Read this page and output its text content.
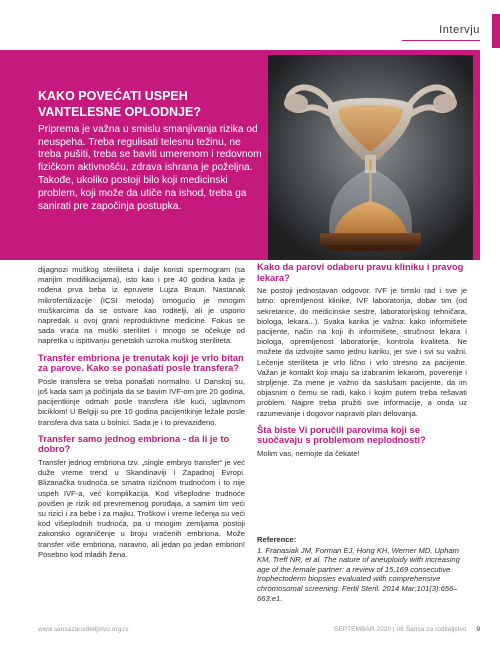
Intervju
KAKO POVEĆATI USPEH
VANTELESNE OPLODNJE?

Priprema je važna u smislu smanjivanja rizika od neuspeha. Treba regulisati telesnu težinu, ne treba pušiti, treba se baviti umerenom i redovnom fizičkom aktivnošću, zdrava ishrana je poželjna.

Takođe, ukoliko postoji bilo koji medicinski problem, koji može da utiče na ishod, treba ga sanirati pre započinja postupka.

dijagnozi muškog steriliteta i dalje koristi spermogram (sa manjim modifikacijama), isto kao i pre 40 godina kada je rođena prva beba iz epruvete Lujza Braun. Nastanak mikrofertilizacije (ICSI metoda) omogućio je mnogim muškarcima da se ostvare kao roditelji, ali je usporio napredak u ovoj grani reproduktivne medicine. Fokus se sada vraća na muški sterilitet i mnogo se očekuje od napretka u ispitivanju genetskih uzroka muškog steriliteta.

Transfer embriona je trenutak koji je vrlo bitan za parove. Kako se ponašati posle transfera?

Posle transfera se treba ponašati normalno. U Danskoj su, još kada sam ja počinjala da se bavim IVF-om pre 20 godina, pacijentkinje odmah posle transfera išle kući, uglavnom biciklom! U Belgiji su pre 10 godina pacijentkinje ležale posle transfera dva sata u bolnici. Sada je i to prevaziđeno.

Transfer samo jednog embriona - da li je to dobro?

Transfer jednog embriona tzv. „single embryo transfer“ je već duže vreme trend u Skandinaviji i Zapadnoj Evropi. Blizanačka trudnoća se smatra rizičnom trudnoćom i to nije uspeh IVF-a, već komplikacija. Kod višeplodne trudnoće povišen je rizik od prevremenog porođaja, a samim tim veći su rizici i za bebe i za majku. Troškovi i vreme lečenja su veći kod višeplodnih trudnoća, pa u mnogim zemljama postoji zakonsko ograničenje u broju vraćenih embriona. Može transfer više embriona, naravno, ali jedan po jedan embrion! Posebno kod mladih žena.

Kako da parovi odaberu pravu kliniku i pravog lekara?

Ne postoji jednostavan odgovor. IVF je timski rad i sve je bitno: opremljenost klinike, IVF laboratorija, dobar tim (od sekretarice, do medicinske sestre, laboratorijskog tehničara, biologa, lekara...). Svaka karika je važna: kako informišete pacijente, način na koji ih informišete, stručnost lekara i biologa, opremljenost laboratorije, kontrola kvaliteta. Ne možete da izdvojite samo jednu kariku, jer sve i svi su važni. Lečenje steriliteta je vrlo lično i vrlo stresno za pacijente. Važan je kontakt koji imaju sa izabranim lekarom, poverenje i strpljenje. Za mene je važno da saslušam pacijente, da im objasnim o čemu se radi, kako i kojim putem treba rešavati problem. Najpre treba pružiti sve informacije, a onda uz razumevanje i dogovor napraviti plan delovanja.

Šta biste Vi poručili parovima koji se suočavaju s problemom neplodnosti?

Molim vas, nemojte da čekate!

Reference:
1. Franasiak JM, Forman EJ, Hong KH, Werner MD, Upham KM, Treff NR, et al. The nature of aneuploidy with increasing age of the female partner: a review of 15,169 consecutive trophectoderm biopsies evaluated with comprehensive chromosomal screening. Fertil Steril. 2014 Mar;101(3):656–663.e1.
www.sansazaroditeljstvo.org.rs	SEPTEMBAR 2020 | 08 Šansa za roditeljstvo 9
